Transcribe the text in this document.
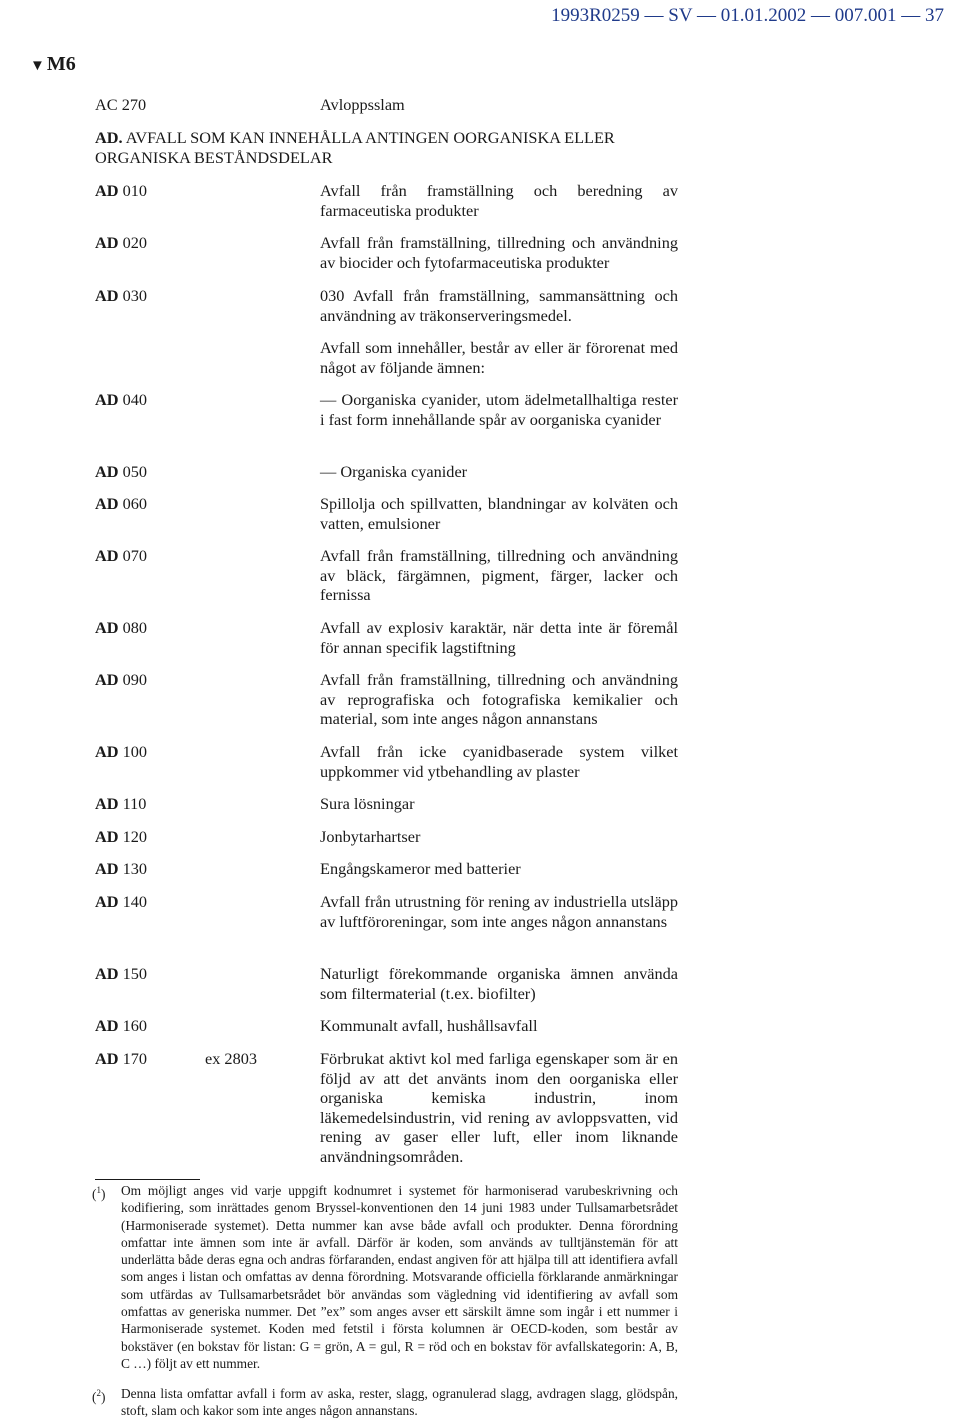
1993R0259 — SV — 01.01.2002 — 007.001 — 37
▼ M6
AC 270	Avloppsslam
AD. AVFALL SOM KAN INNEHÅLLA ANTINGEN OORGANISKA ELLER ORGANISKA BESTÅNDSDELAR
AD 010	Avfall från framställning och beredning av farmaceutiska produkter
AD 020	Avfall från framställning, tillredning och användning av biocider och fytofarmaceutiska produkter
AD 030	030 Avfall från framställning, sammansättning och användning av träkonserveringsmedel.
Avfall som innehåller, består av eller är förorenat med något av följande ämnen:
AD 040	— Oorganiska cyanider, utom ädelmetallhaltiga rester i fast form innehållande spår av oorganiska cyanider
AD 050	— Organiska cyanider
AD 060	Spillolja och spillvatten, blandningar av kolväten och vatten, emulsioner
AD 070	Avfall från framställning, tillredning och användning av bläck, färgämnen, pigment, färger, lacker och fernissa
AD 080	Avfall av explosiv karaktär, när detta inte är föremål för annan specifik lagstiftning
AD 090	Avfall från framställning, tillredning och användning av reprografiska och fotografiska kemikalier och material, som inte anges någon annanstans
AD 100	Avfall från icke cyanidbaserade system vilket uppkommer vid ytbehandling av plaster
AD 110	Sura lösningar
AD 120	Jonbytarhartser
AD 130	Engångskameror med batterier
AD 140	Avfall från utrustning för rening av industriella utsläpp av luftföroreningar, som inte anges någon annanstans
AD 150	Naturligt förekommande organiska ämnen använda som filtermaterial (t.ex. biofilter)
AD 160	Kommunalt avfall, hushållsavfall
AD 170	ex 2803	Förbrukat aktivt kol med farliga egenskaper som är en följd av att det använts inom den oorganiska eller organiska kemiska industrin, inom läkemedelsindustrin, vid rening av avloppsvatten, vid rening av gaser eller luft, eller inom liknande användningsområden.
($^1$) Om möjligt anges vid varje uppgift kodnumret i systemet för harmoniserad varubeskrivning och kodifiering, som inrättades genom Bryssel-konventionen den 14 juni 1983 under Tullsamarbetsrådet (Harmoniserade systemet). Detta nummer kan avse både avfall och produkter. Denna förordning omfattar inte ämnen som inte är avfall. Därför är koden, som används av tulltjänstemän för att underlätta både deras egna och andras förfaranden, endast angiven för att hjälpa till att identifiera avfall som anges i listan och omfattas av denna förordning. Motsvarande officiella förklarande anmärkningar som utfärdas av Tullsamarbetsrådet bör användas som vägledning vid identifiering av avfall som omfattas av generiska nummer. Det ”ex” som anges avser ett särskilt ämne som ingår i ett nummer i Harmoniserade systemet. Koden med fetstil i första kolumnen är OECD-koden, som består av bokstäver (en bokstav för listan: G = grön, A = gul, R = röd och en bokstav för avfallskategorin: A, B, C …) följt av ett nummer.
($^2$) Denna lista omfattar avfall i form av aska, rester, slagg, ogranulerad slagg, avdragen slagg, glödspån, stoft, slam och kakor som inte anges någon annanstans.
